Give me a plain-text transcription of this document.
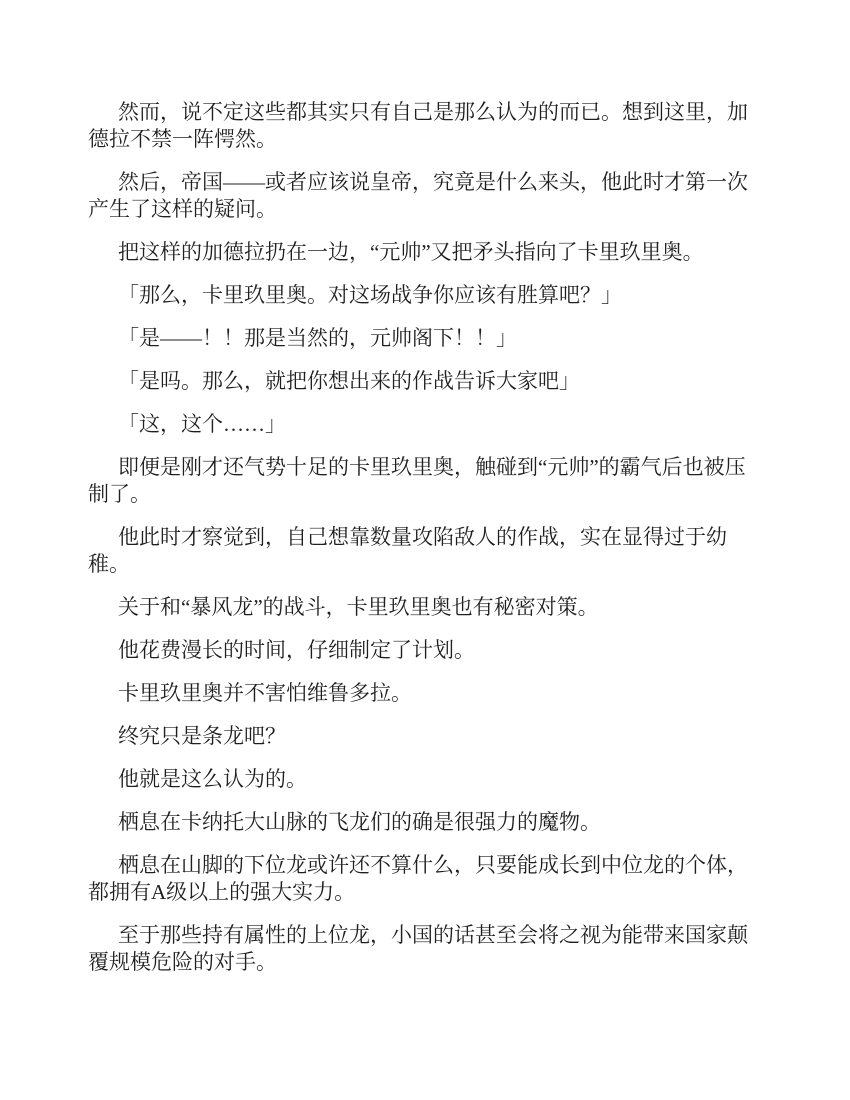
然而，说不定这些都其实只有自己是那么认为的而已。想到这里，加德拉不禁一阵愕然。

然后，帝国——或者应该说皇帝，究竟是什么来头，他此时才第一次产生了这样的疑问。

把这样的加德拉扔在一边，“元帅”又把矛头指向了卡里玖里奥。

「那么，卡里玖里奥。对这场战争你应该有胜算吧？」

「是——！！那是当然的，元帅阁下！！」

「是吗。那么，就把你想出来的作战告诉大家吧」

「这，这个……」

即便是刚才还气势十足的卡里玖里奥，触碰到“元帅”的霸气后也被压制了。

他此时才察觉到，自己想靠数量攻陷敌人的作战，实在显得过于幼稚。

关于和“暴风龙”的战斗，卡里玖里奥也有秘密对策。

他花费漫长的时间，仔细制定了计划。

卡里玖里奥并不害怕维鲁多拉。

终究只是条龙吧？

他就是这么认为的。

栖息在卡纳托大山脉的飞龙们的确是很强力的魔物。

栖息在山脚的下位龙或许还不算什么，只要能成长到中位龙的个体，都拥有A级以上的强大实力。

至于那些持有属性的上位龙，小国的话甚至会将之视为能带来国家颠覆规模危险的对手。
